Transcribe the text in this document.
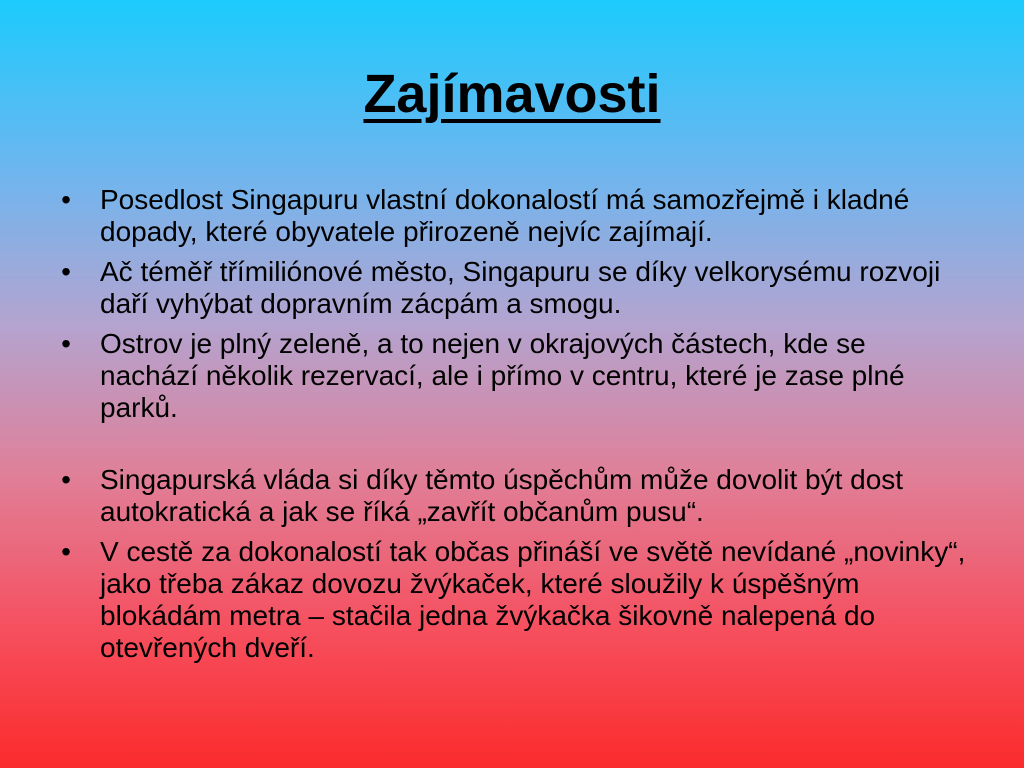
Zajímavosti
• Posedlost Singapuru vlastní dokonalostí má samozřejmě i kladné dopady, které obyvatele přirozeně nejvíc zajímají.
• Ač téměř třímiliónové město, Singapuru se díky velkorysému rozvoji daří vyhýbat dopravním zácpám a smogu.
• Ostrov je plný zeleně, a to nejen v okrajových částech, kde se nachází několik rezervací, ale i přímo v centru, které je zase plné parků.
• Singapurská vláda si díky těmto úspěchům může dovolit být dost autokratická a jak se říká „zavřít občanům pusu“.
• V cestě za dokonalostí tak občas přináší ve světě nevídané „novinky“, jako třeba zákaz dovozu žvýkaček, které sloužily k úspěšným blokádám metra – stačila jedna žvýkačka šikovně nalepená do otevřených dveří.
